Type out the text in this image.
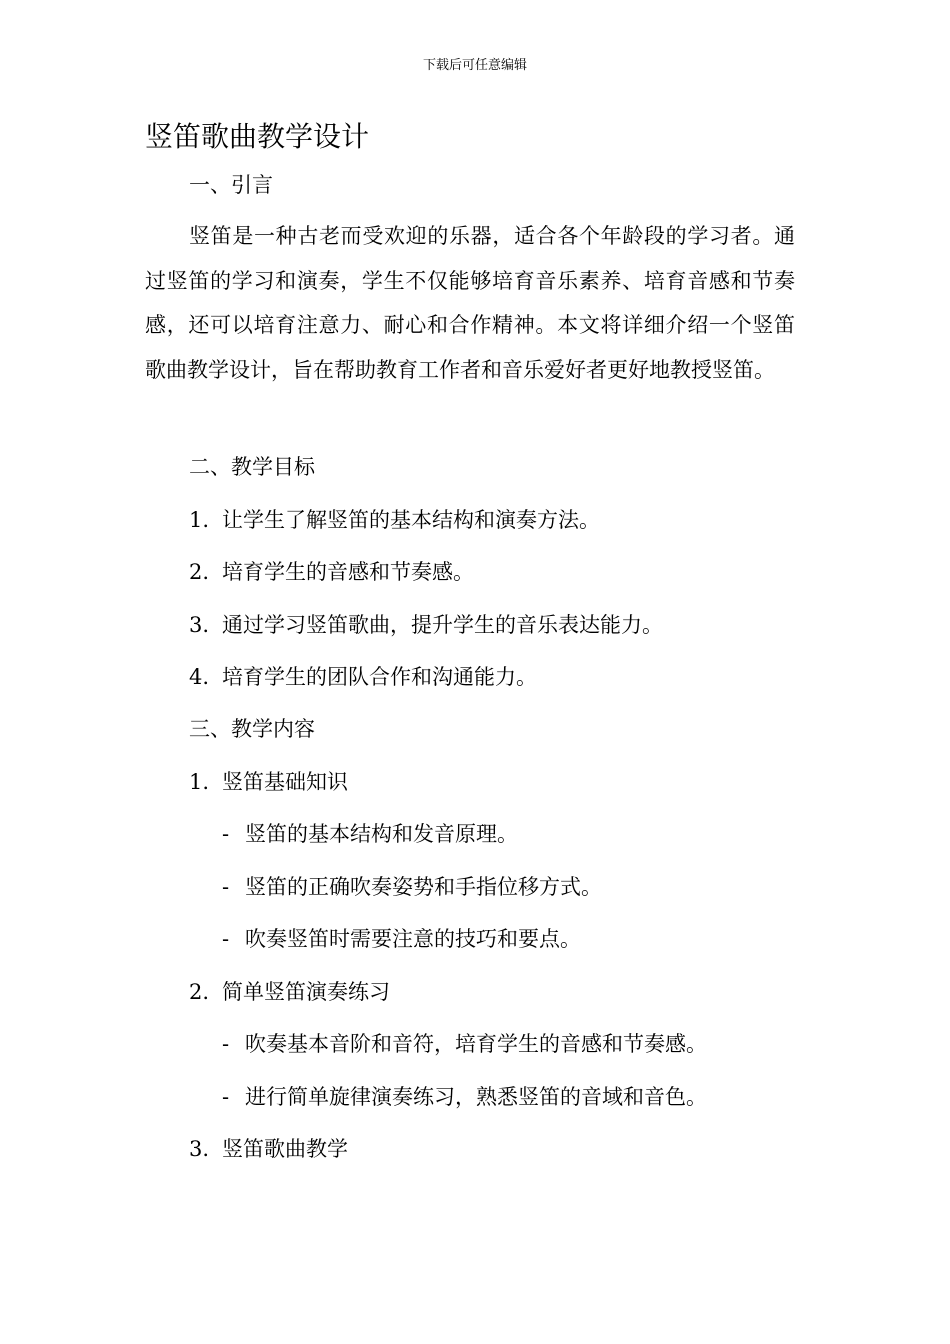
下载后可任意编辑
竖笛歌曲教学设计
一、引言

竖笛是一种古老而受欢迎的乐器，适合各个年龄段的学习者。通过竖笛的学习和演奏，学生不仅能够培育音乐素养、培育音感和节奏感，还可以培育注意力、耐心和合作精神。本文将详细介绍一个竖笛歌曲教学设计，旨在帮助教育工作者和音乐爱好者更好地教授竖笛。

二、教学目标
1. 让学生了解竖笛的基本结构和演奏方法。
2. 培育学生的音感和节奏感。
3. 通过学习竖笛歌曲，提升学生的音乐表达能力。
4. 培育学生的团队合作和沟通能力。
三、教学内容
1. 竖笛基础知识
- 竖笛的基本结构和发音原理。
- 竖笛的正确吹奏姿势和手指位移方式。
- 吹奏竖笛时需要注意的技巧和要点。
2. 简单竖笛演奏练习
- 吹奏基本音阶和音符，培育学生的音感和节奏感。
- 进行简单旋律演奏练习，熟悉竖笛的音域和音色。
3. 竖笛歌曲教学
